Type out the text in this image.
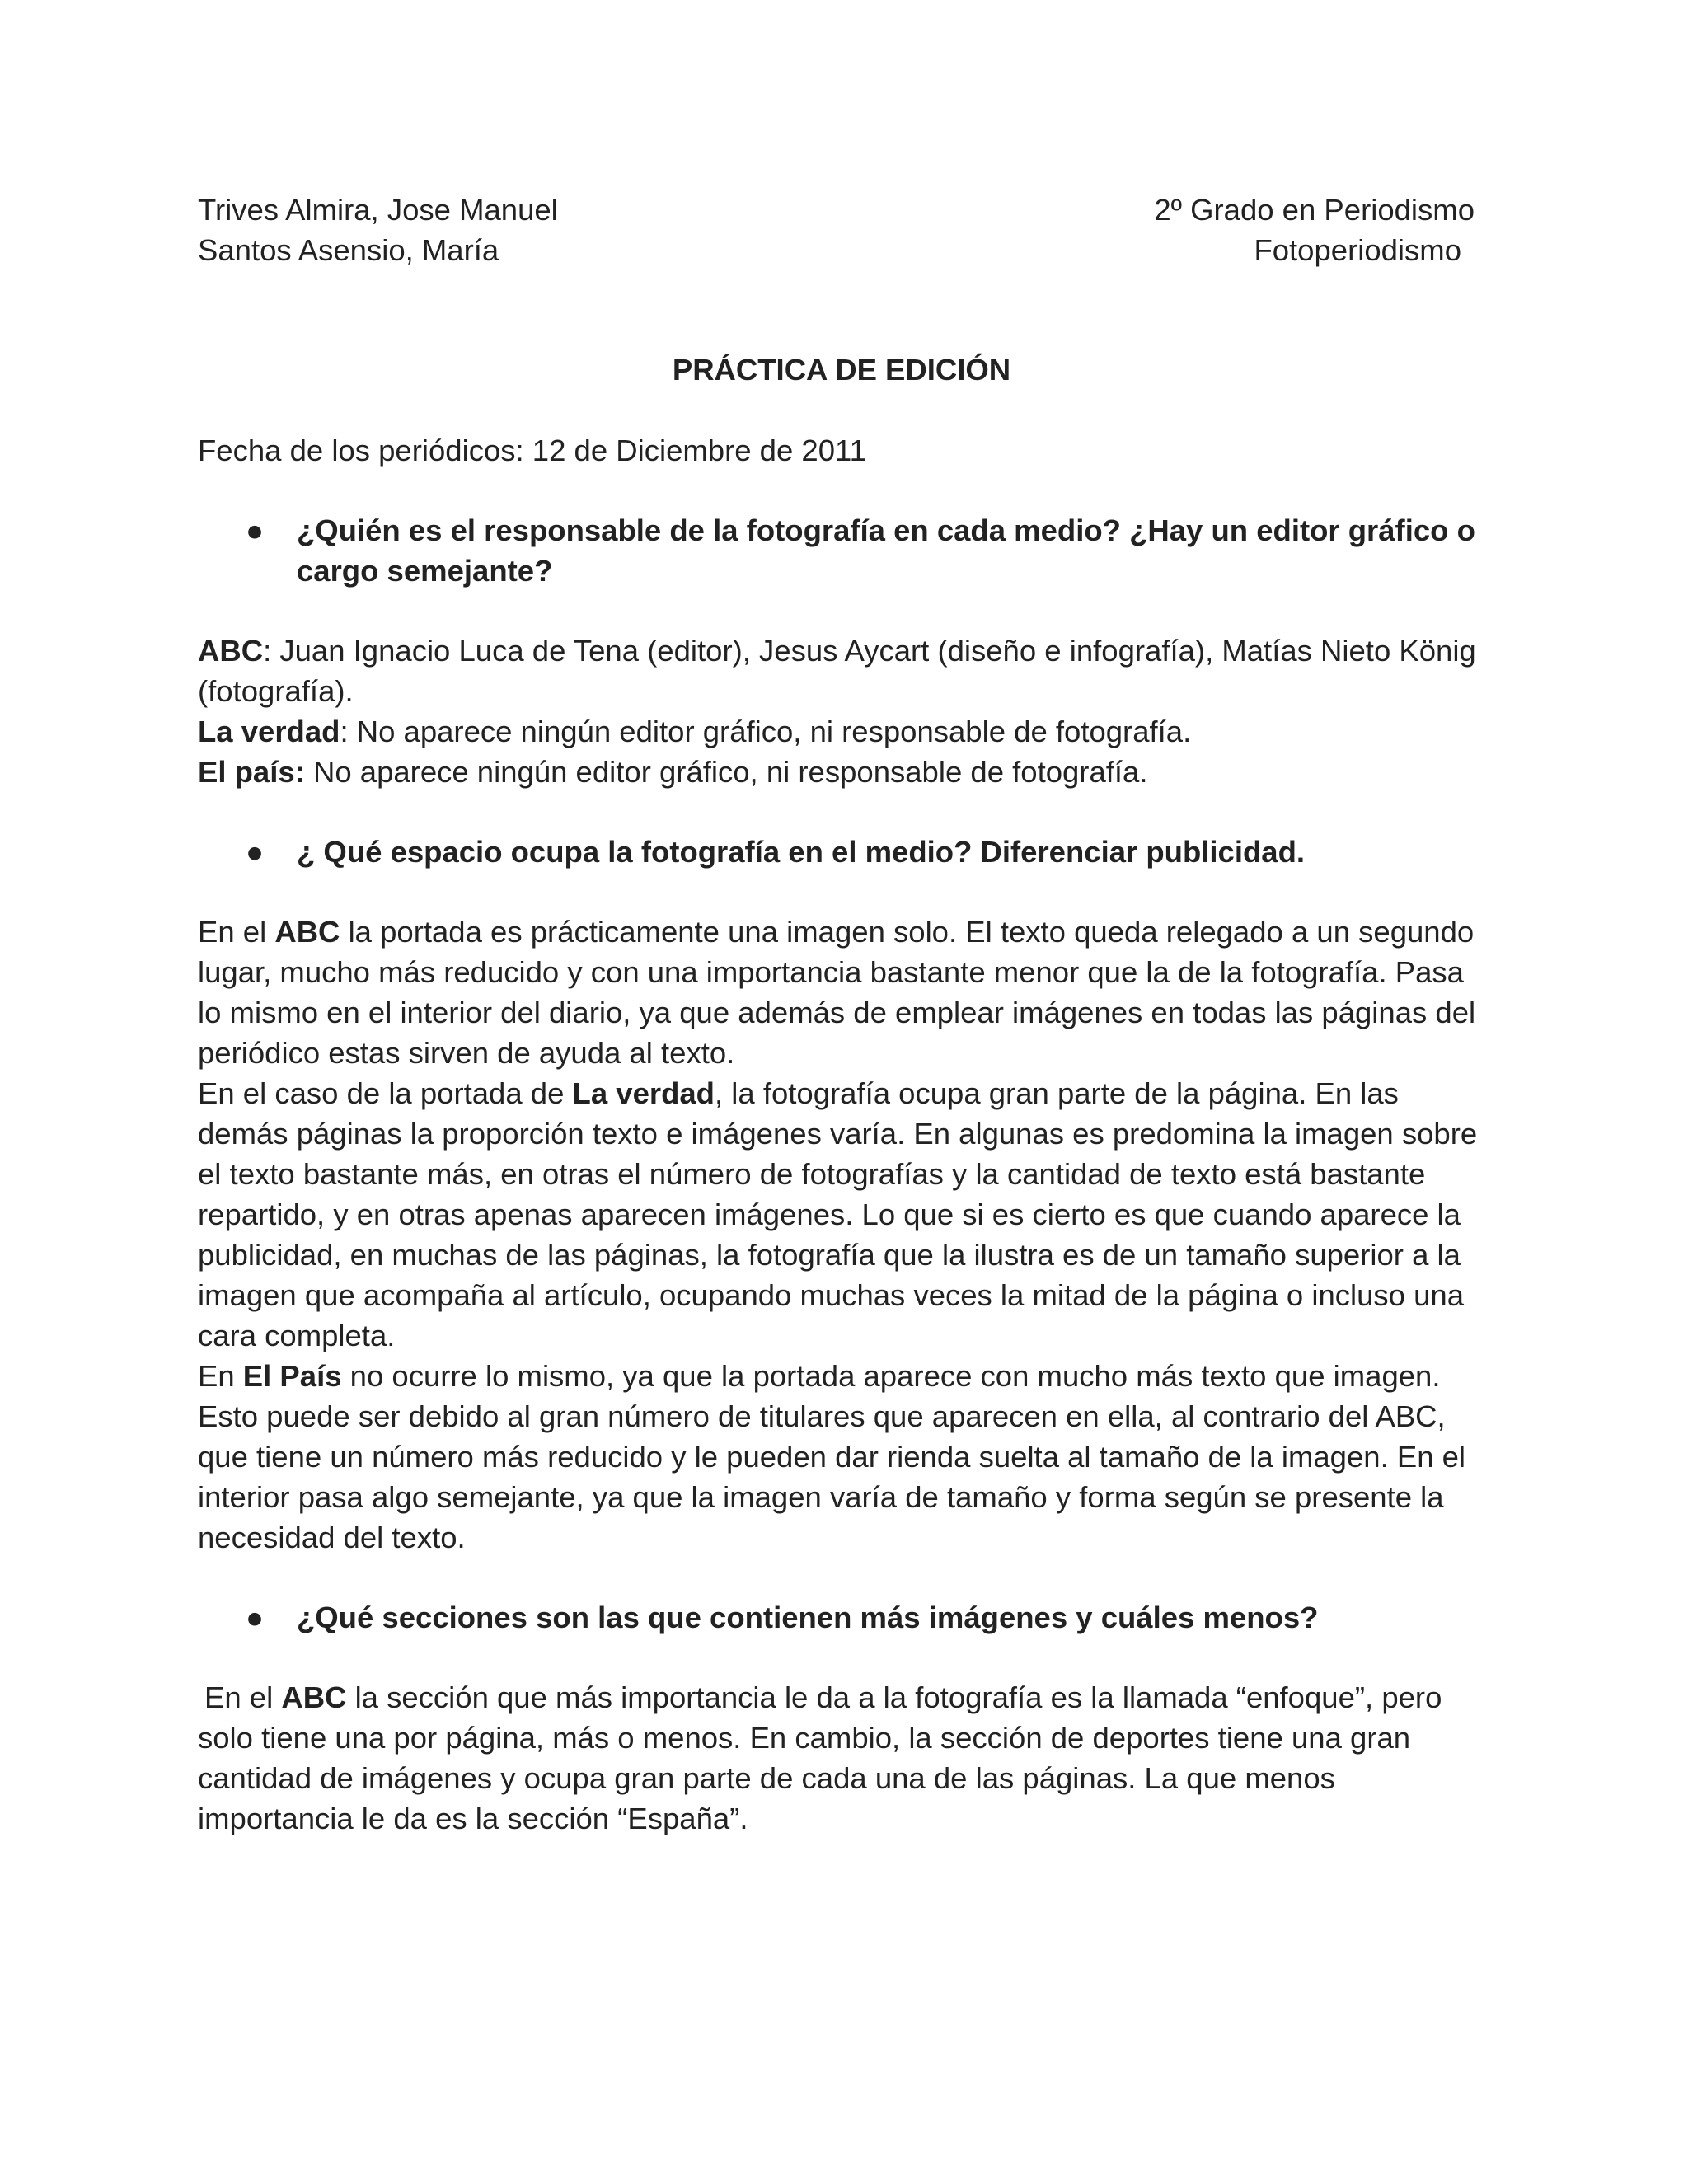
Trives Almira, Jose Manuel	2º Grado en Periodismo
Santos Asensio, María	Fotoperiodismo
PRÁCTICA DE EDICIÓN
Fecha de los periódicos: 12 de Diciembre de 2011
● ¿Quién es el responsable de la fotografía en cada medio? ¿Hay un editor gráfico o cargo semejante?

ABC: Juan Ignacio Luca de Tena (editor), Jesus Aycart (diseño e infografía), Matías Nieto König (fotografía).

La verdad: No aparece ningún editor gráfico, ni responsable de fotografía.

El país: No aparece ningún editor gráfico, ni responsable de fotografía.

● ¿ Qué espacio ocupa la fotografía en el medio? Diferenciar publicidad.

En el ABC la portada es prácticamente una imagen solo. El texto queda relegado a un segundo lugar, mucho más reducido y con una importancia bastante menor que la de la fotografía. Pasa lo mismo en el interior del diario, ya que además de emplear imágenes en todas las páginas del periódico estas sirven de ayuda al texto.

En el caso de la portada de La verdad, la fotografía ocupa gran parte de la página. En las demás páginas la proporción texto e imágenes varía. En algunas es predomina la imagen sobre el texto bastante más, en otras el número de fotografías y la cantidad de texto está bastante repartido, y en otras apenas aparecen imágenes. Lo que si es cierto es que cuando aparece la publicidad, en muchas de las páginas, la fotografía que la ilustra es de un tamaño superior a la imagen que acompaña al artículo, ocupando muchas veces la mitad de la página o incluso una cara completa.

En El País no ocurre lo mismo, ya que la portada aparece con mucho más texto que imagen. Esto puede ser debido al gran número de titulares que aparecen en ella, al contrario del ABC, que tiene un número más reducido y le pueden dar rienda suelta al tamaño de la imagen. En el interior pasa algo semejante, ya que la imagen varía de tamaño y forma según se presente la necesidad del texto.

● ¿Qué secciones son las que contienen más imágenes y cuáles menos?

En el ABC la sección que más importancia le da a la fotografía es la llamada “enfoque”, pero solo tiene una por página, más o menos. En cambio, la sección de deportes tiene una gran cantidad de imágenes y ocupa gran parte de cada una de las páginas. La que menos importancia le da es la sección “España”.
